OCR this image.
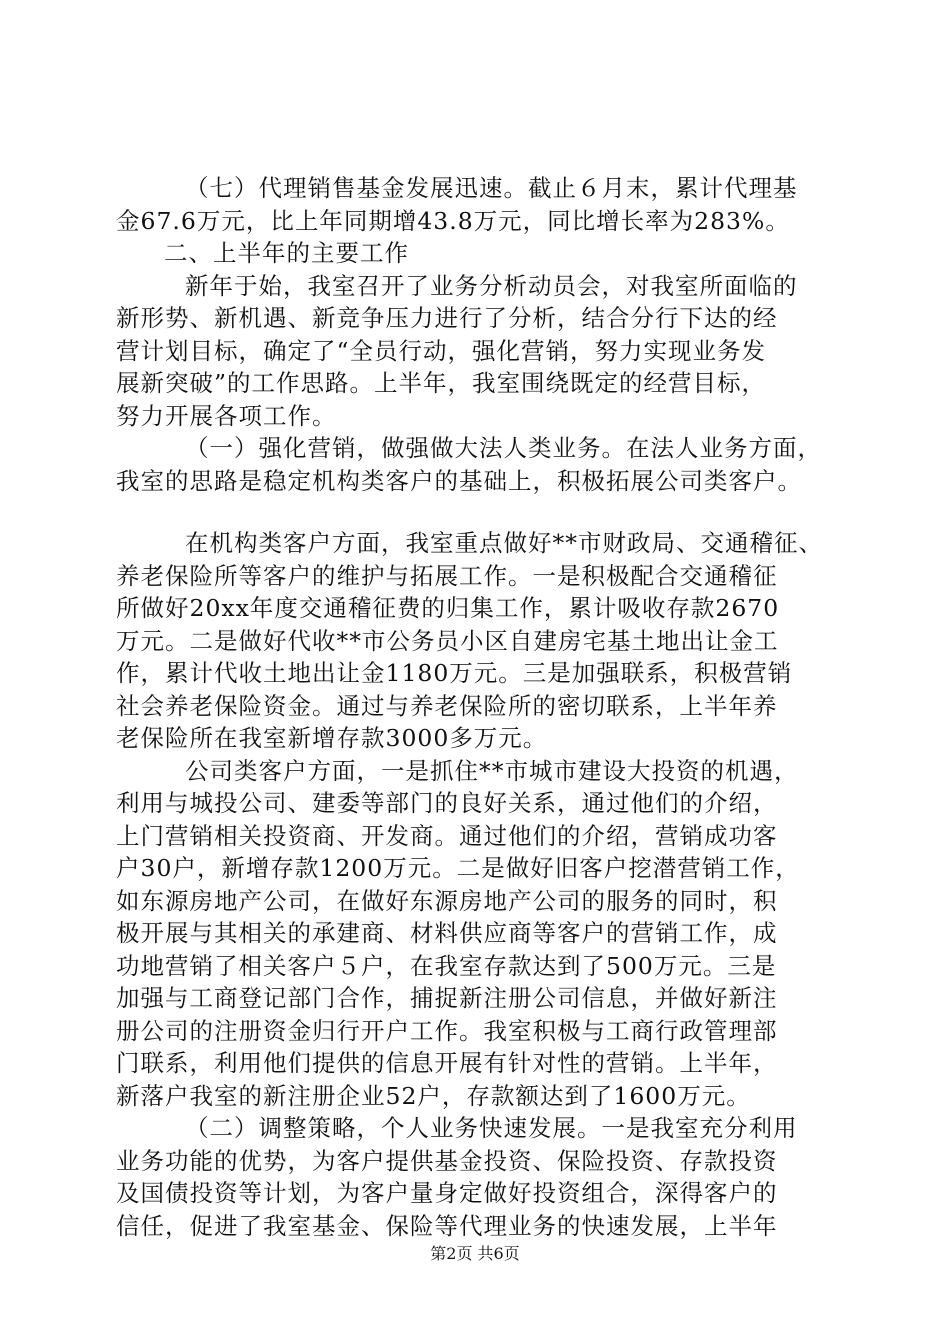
（七）代理销售基金发展迅速。截止６月末，累计代理基
金67.6万元，比上年同期增43.8万元，同比增长率为283%。
二、上半年的主要工作
新年于始，我室召开了业务分析动员会，对我室所面临的
新形势、新机遇、新竞争压力进行了分析，结合分行下达的经
营计划目标，确定了“全员行动，强化营销，努力实现业务发
展新突破”的工作思路。上半年，我室围绕既定的经营目标，
努力开展各项工作。
（一）强化营销，做强做大法人类业务。在法人业务方面，
我室的思路是稳定机构类客户的基础上，积极拓展公司类客户。
在机构类客户方面，我室重点做好**市财政局、交通稽征、
养老保险所等客户的维护与拓展工作。一是积极配合交通稽征
所做好20xx年度交通稽征费的归集工作，累计吸收存款2670
万元。二是做好代收**市公务员小区自建房宅基土地出让金工
作，累计代收土地出让金1180万元。三是加强联系，积极营销
社会养老保险资金。通过与养老保险所的密切联系，上半年养
老保险所在我室新增存款3000多万元。
公司类客户方面，一是抓住**市城市建设大投资的机遇，
利用与城投公司、建委等部门的良好关系，通过他们的介绍，
上门营销相关投资商、开发商。通过他们的介绍，营销成功客
户30户，新增存款1200万元。二是做好旧客户挖潜营销工作，
如东源房地产公司，在做好东源房地产公司的服务的同时，积
极开展与其相关的承建商、材料供应商等客户的营销工作，成
功地营销了相关客户５户，在我室存款达到了500万元。三是
加强与工商登记部门合作，捕捉新注册公司信息，并做好新注
册公司的注册资金归行开户工作。我室积极与工商行政管理部
门联系，利用他们提供的信息开展有针对性的营销。上半年，
新落户我室的新注册企业52户，存款额达到了1600万元。
（二）调整策略，个人业务快速发展。一是我室充分利用
业务功能的优势，为客户提供基金投资、保险投资、存款投资
及国债投资等计划，为客户量身定做好投资组合，深得客户的
信任，促进了我室基金、保险等代理业务的快速发展，上半年
第2页 共6页
